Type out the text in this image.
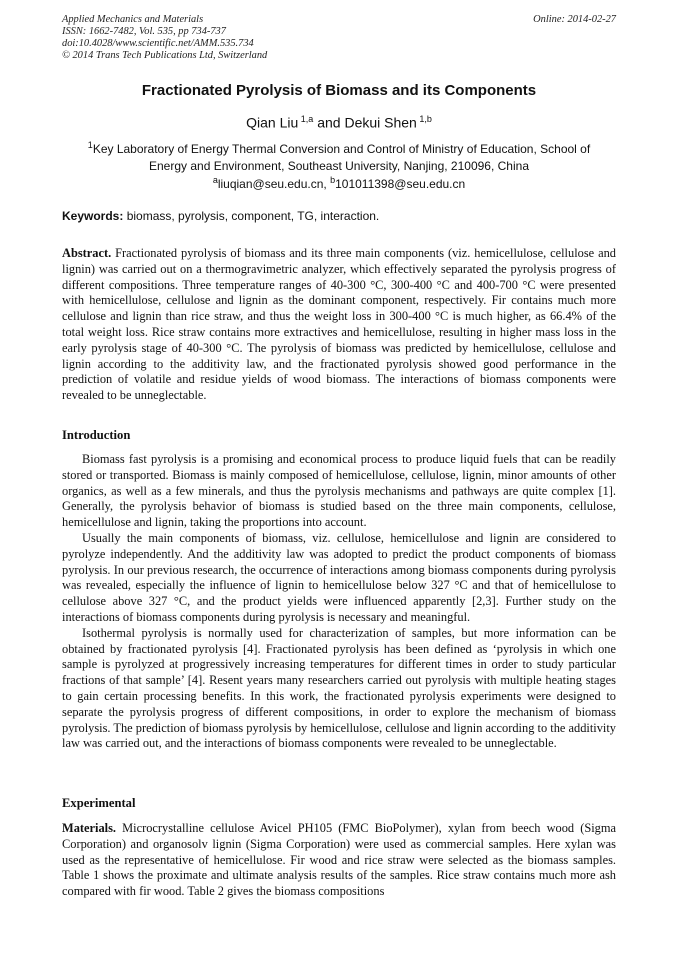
Applied Mechanics and Materials
ISSN: 1662-7482, Vol. 535, pp 734-737
doi:10.4028/www.scientific.net/AMM.535.734
© 2014 Trans Tech Publications Ltd, Switzerland
Online: 2014-02-27
Fractionated Pyrolysis of Biomass and its Components
Qian Liu $^{1,a}$ and Dekui Shen $^{1,b}$
$^1$Key Laboratory of Energy Thermal Conversion and Control of Ministry of Education, School of
Energy and Environment, Southeast University, Nanjing, 210096, China
$^a$liuqian@seu.edu.cn, $^b$101011398@seu.edu.cn
Keywords: biomass, pyrolysis, component, TG, interaction.

Abstract. Fractionated pyrolysis of biomass and its three main components (viz. hemicellulose, cellulose and lignin) was carried out on a thermogravimetric analyzer, which effectively separated the pyrolysis progress of different compositions. Three temperature ranges of 40-300 °C, 300-400 °C and 400-700 °C were presented with hemicellulose, cellulose and lignin as the dominant component, respectively. Fir contains much more cellulose and lignin than rice straw, and thus the weight loss in 300-400 °C is much higher, as 66.4% of the total weight loss. Rice straw contains more extractives and hemicellulose, resulting in higher mass loss in the early pyrolysis stage of 40-300 °C. The pyrolysis of biomass was predicted by hemicellulose, cellulose and lignin according to the additivity law, and the fractionated pyrolysis showed good performance in the prediction of volatile and residue yields of wood biomass. The interactions of biomass components were revealed to be unneglectable.

Introduction

Biomass fast pyrolysis is a promising and economical process to produce liquid fuels that can be readily stored or transported. Biomass is mainly composed of hemicellulose, cellulose, lignin, minor amounts of other organics, as well as a few minerals, and thus the pyrolysis mechanisms and pathways are quite complex [1]. Generally, the pyrolysis behavior of biomass is studied based on the three main components, cellulose, hemicellulose and lignin, taking the proportions into account.

Usually the main components of biomass, viz. cellulose, hemicellulose and lignin are considered to pyrolyze independently. And the additivity law was adopted to predict the product components of biomass pyrolysis. In our previous research, the occurrence of interactions among biomass components during pyrolysis was revealed, especially the influence of lignin to hemicellulose below 327 °C and that of hemicellulose to cellulose above 327 °C, and the product yields were influenced apparently [2,3]. Further study on the interactions of biomass components during pyrolysis is necessary and meaningful.

Isothermal pyrolysis is normally used for characterization of samples, but more information can be obtained by fractionated pyrolysis [4]. Fractionated pyrolysis has been defined as ‘pyrolysis in which one sample is pyrolyzed at progressively increasing temperatures for different times in order to study particular fractions of that sample’ [4]. Resent years many researchers carried out pyrolysis with multiple heating stages to gain certain processing benefits. In this work, the fractionated pyrolysis experiments were designed to separate the pyrolysis progress of different compositions, in order to explore the mechanism of biomass pyrolysis. The prediction of biomass pyrolysis by hemicellulose, cellulose and lignin according to the additivity law was carried out, and the interactions of biomass components were revealed to be unneglectable.

Experimental

Materials. Microcrystalline cellulose Avicel PH105 (FMC BioPolymer), xylan from beech wood (Sigma Corporation) and organosolv lignin (Sigma Corporation) were used as commercial samples. Here xylan was used as the representative of hemicellulose. Fir wood and rice straw were selected as the biomass samples. Table 1 shows the proximate and ultimate analysis results of the samples. Rice straw contains much more ash compared with fir wood. Table 2 gives the biomass compositions
